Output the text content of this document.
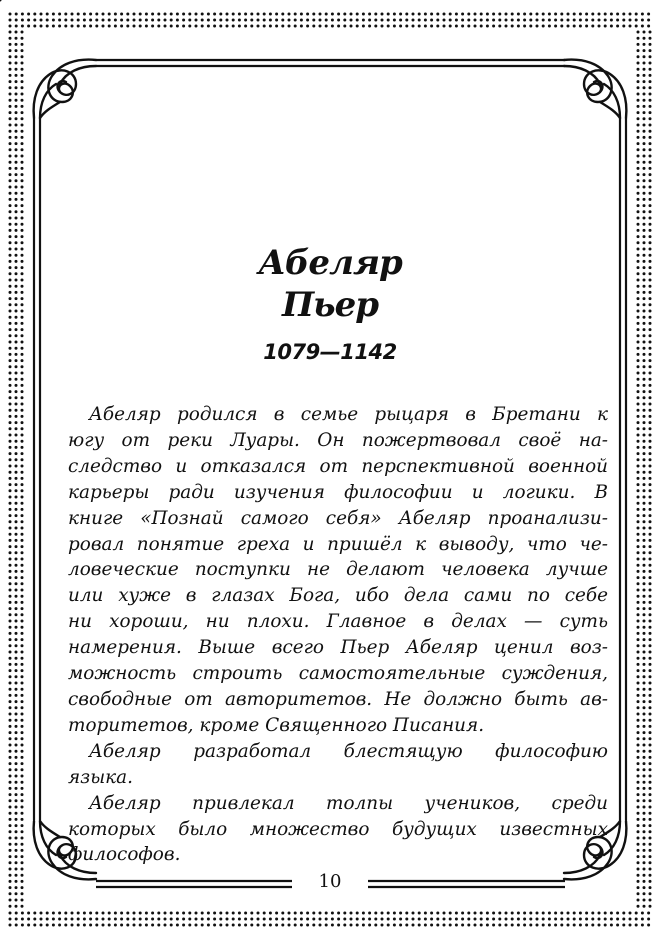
Абеляр
Пьер
1079—1142
Абеляр родился в семье рыцаря в Бретани к
югу от реки Луары. Он пожертвовал своё на-
следство и отказался от перспективной военной
карьеры ради изучения философии и логики. В
книге «Познай самого себя» Абеляр проанализи-
ровал понятие греха и пришёл к выводу, что че-
ловеческие поступки не делают человека лучше
или хуже в глазах Бога, ибо дела сами по себе
ни хороши, ни плохи. Главное в делах — суть
намерения. Выше всего Пьер Абеляр ценил воз-
можность строить самостоятельные суждения,
свободные от авторитетов. Не должно быть ав-
торитетов, кроме Священного Писания.
Абеляр разработал блестящую философию
языка.
Абеляр привлекал толпы учеников, среди
которых было множество будущих известных
философов.
10
